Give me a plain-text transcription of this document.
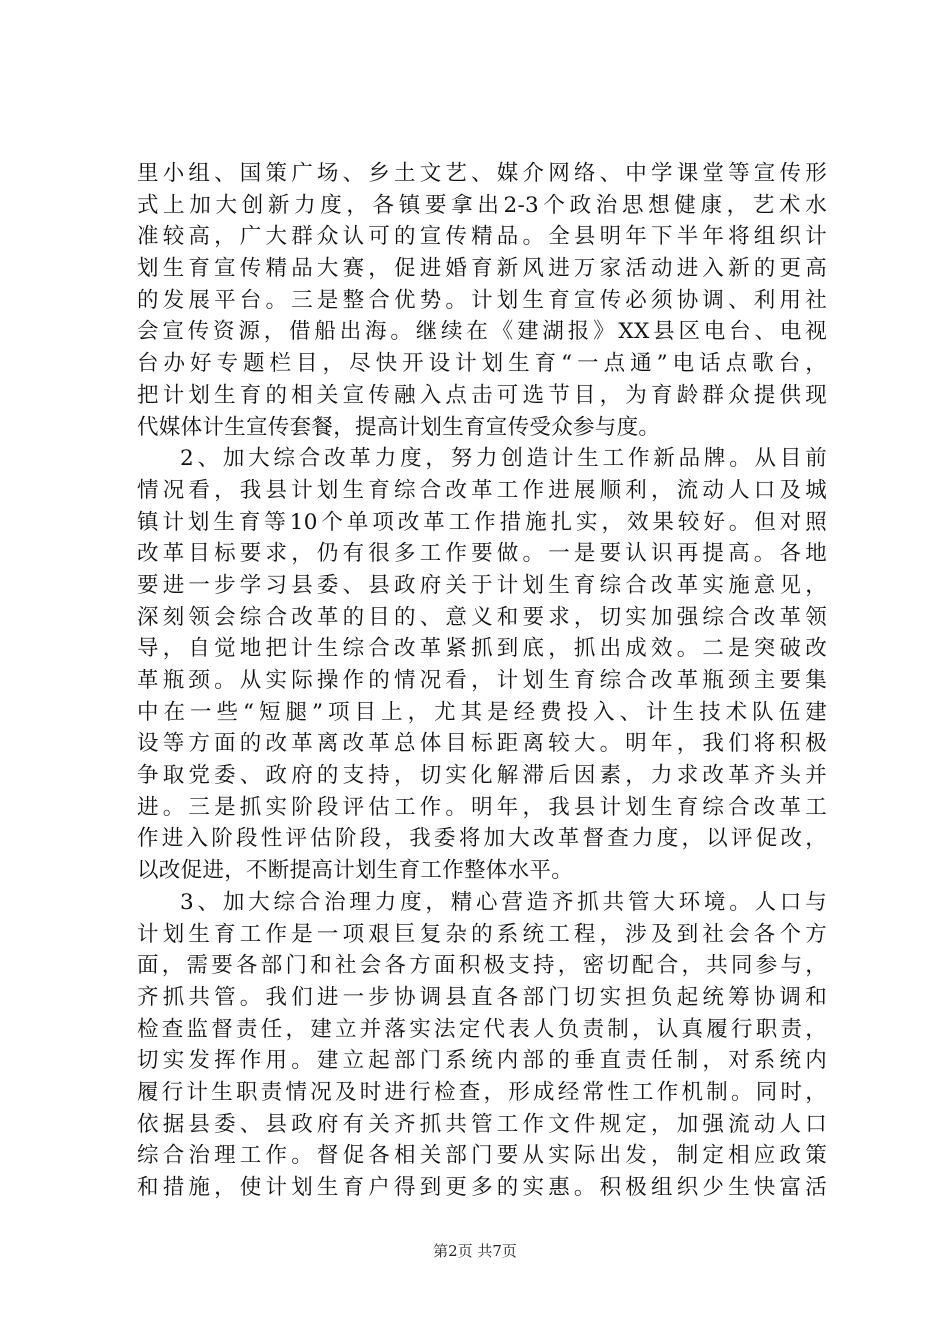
里小组、国策广场、乡土文艺、媒介网络、中学课堂等宣传形
式上加大创新力度，各镇要拿出2-3个政治思想健康，艺术水
准较高，广大群众认可的宣传精品。全县明年下半年将组织计
划生育宣传精品大赛，促进婚育新风进万家活动进入新的更高
的发展平台。三是整合优势。计划生育宣传必须协调、利用社
会宣传资源，借船出海。继续在《建湖报》XX县区电台、电视
台办好专题栏目，尽快开设计划生育“一点通”电话点歌台，
把计划生育的相关宣传融入点击可选节目，为育龄群众提供现
代媒体计生宣传套餐，提高计划生育宣传受众参与度。
2、加大综合改革力度，努力创造计生工作新品牌。从目前
情况看，我县计划生育综合改革工作进展顺利，流动人口及城
镇计划生育等10个单项改革工作措施扎实，效果较好。但对照
改革目标要求，仍有很多工作要做。一是要认识再提高。各地
要进一步学习县委、县政府关于计划生育综合改革实施意见，
深刻领会综合改革的目的、意义和要求，切实加强综合改革领
导，自觉地把计生综合改革紧抓到底，抓出成效。二是突破改
革瓶颈。从实际操作的情况看，计划生育综合改革瓶颈主要集
中在一些“短腿”项目上，尤其是经费投入、计生技术队伍建
设等方面的改革离改革总体目标距离较大。明年，我们将积极
争取党委、政府的支持，切实化解滞后因素，力求改革齐头并
进。三是抓实阶段评估工作。明年，我县计划生育综合改革工
作进入阶段性评估阶段，我委将加大改革督查力度，以评促改，
以改促进，不断提高计划生育工作整体水平。
3、加大综合治理力度，精心营造齐抓共管大环境。人口与
计划生育工作是一项艰巨复杂的系统工程，涉及到社会各个方
面，需要各部门和社会各方面积极支持，密切配合，共同参与，
齐抓共管。我们进一步协调县直各部门切实担负起统筹协调和
检查监督责任，建立并落实法定代表人负责制，认真履行职责，
切实发挥作用。建立起部门系统内部的垂直责任制，对系统内
履行计生职责情况及时进行检查，形成经常性工作机制。同时，
依据县委、县政府有关齐抓共管工作文件规定，加强流动人口
综合治理工作。督促各相关部门要从实际出发，制定相应政策
和措施，使计划生育户得到更多的实惠。积极组织少生快富活
第2页 共7页
